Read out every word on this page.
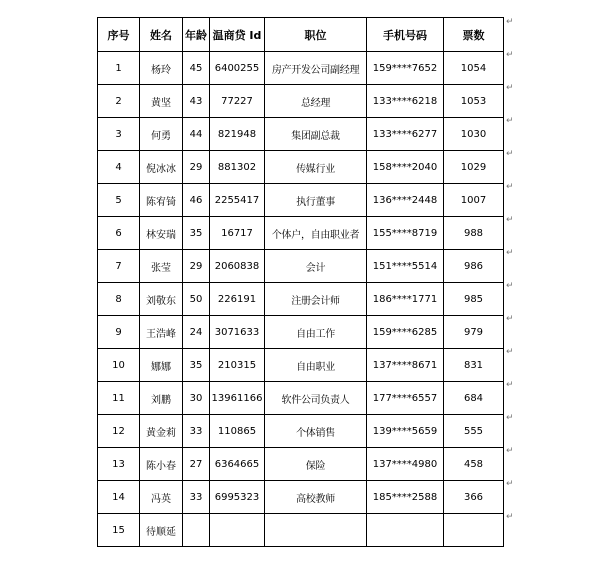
序号	姓名	年龄	温商贷 Id	职位	手机号码	票数
1	杨玲	45	6400255	房产开发公司副经理	159****7652	1054
2	黄坚	43	77227	总经理	133****6218	1053
3	何勇	44	821948	集团副总裁	133****6277	1030
4	倪冰冰	29	881302	传媒行业	158****2040	1029
5	陈宥锜	46	2255417	执行董事	136****2448	1007
6	林安瑞	35	16717	个体户，自由职业者	155****8719	988
7	张莹	29	2060838	会计	151****5514	986
8	刘敬东	50	226191	注册会计师	186****1771	985
9	王浩峰	24	3071633	自由工作	159****6285	979
10	娜娜	35	210315	自由职业	137****8671	831
11	刘鹏	30	13961166	软件公司负责人	177****6557	684
12	黄金莉	33	110865	个体销售	139****5659	555
13	陈小春	27	6364665	保险	137****4980	458
14	冯英	33	6995323	高校教师	185****2588	366
15	待顺延					
↵
↵
↵
↵
↵
↵
↵
↵
↵
↵
↵
↵
↵
↵
↵
↵
